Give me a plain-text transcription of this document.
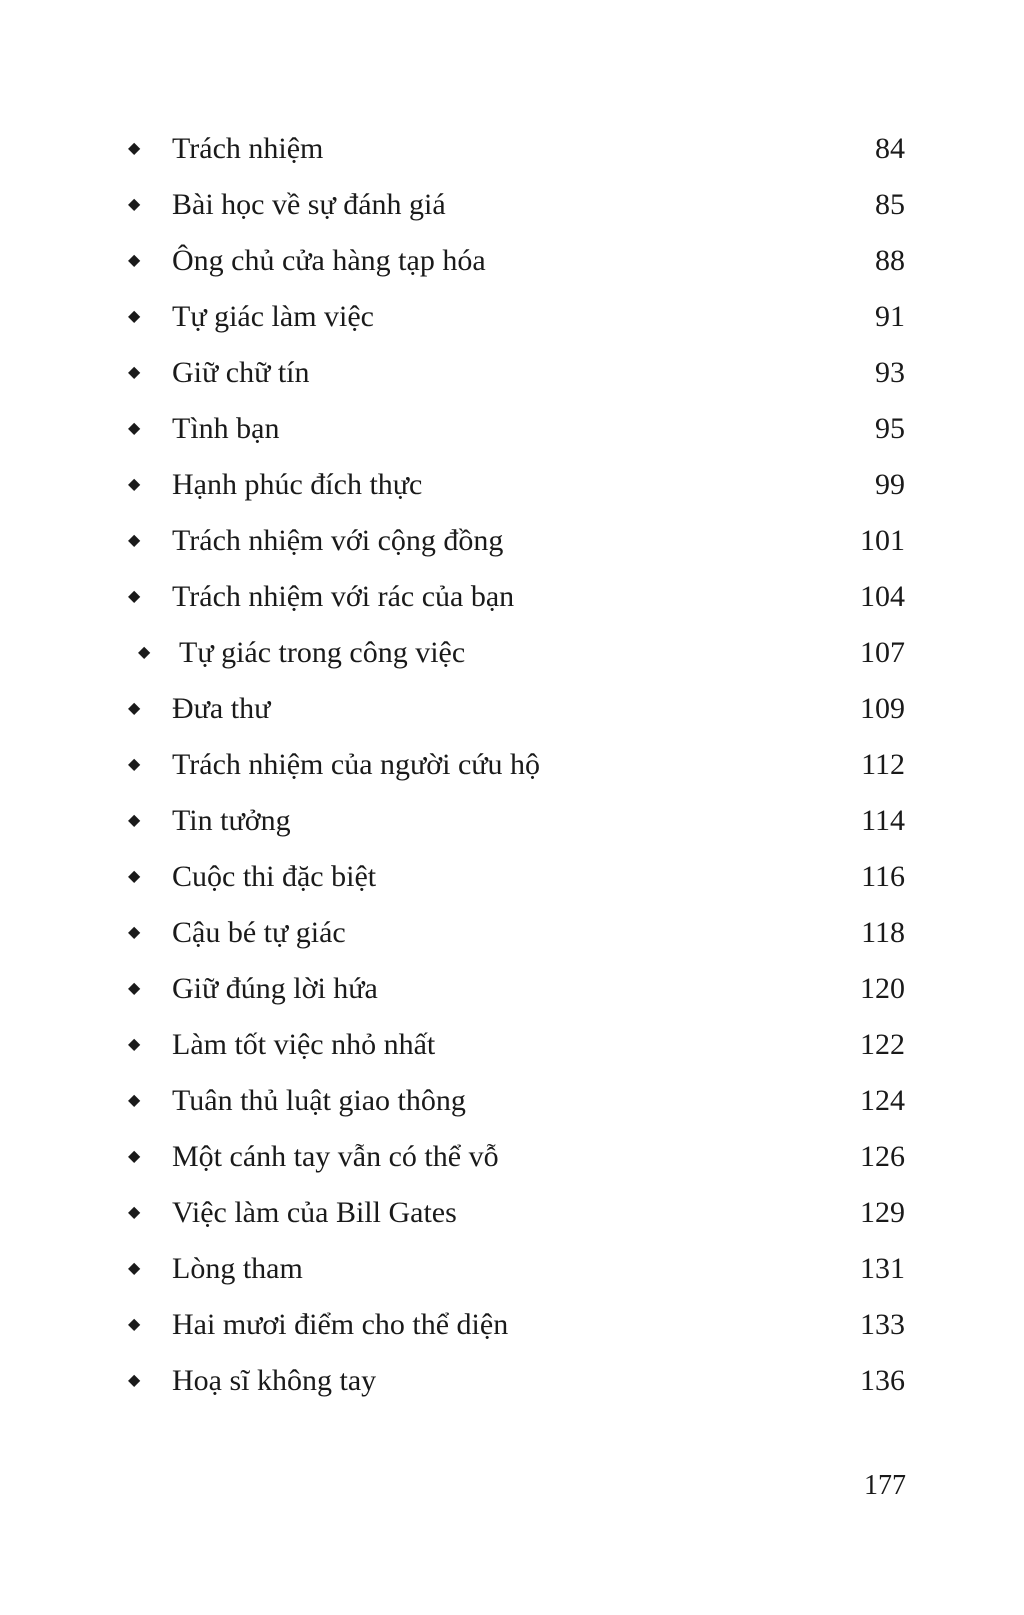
◆ Trách nhiệm	84
◆ Bài học về sự đánh giá	85
◆ Ông chủ cửa hàng tạp hóa	88
◆ Tự giác làm việc	91
◆ Giữ chữ tín	93
◆ Tình bạn	95
◆ Hạnh phúc đích thực	99
◆ Trách nhiệm với cộng đồng	101
◆ Trách nhiệm với rác của bạn	104
◆ Tự giác trong công việc	107
◆ Đưa thư	109
◆ Trách nhiệm của người cứu hộ	112
◆ Tin tưởng	114
◆ Cuộc thi đặc biệt	116
◆ Cậu bé tự giác	118
◆ Giữ đúng lời hứa	120
◆ Làm tốt việc nhỏ nhất	122
◆ Tuân thủ luật giao thông	124
◆ Một cánh tay vẫn có thể vỗ	126
◆ Việc làm của Bill Gates	129
◆ Lòng tham	131
◆ Hai mươi điểm cho thể diện	133
◆ Hoạ sĩ không tay	136
177
